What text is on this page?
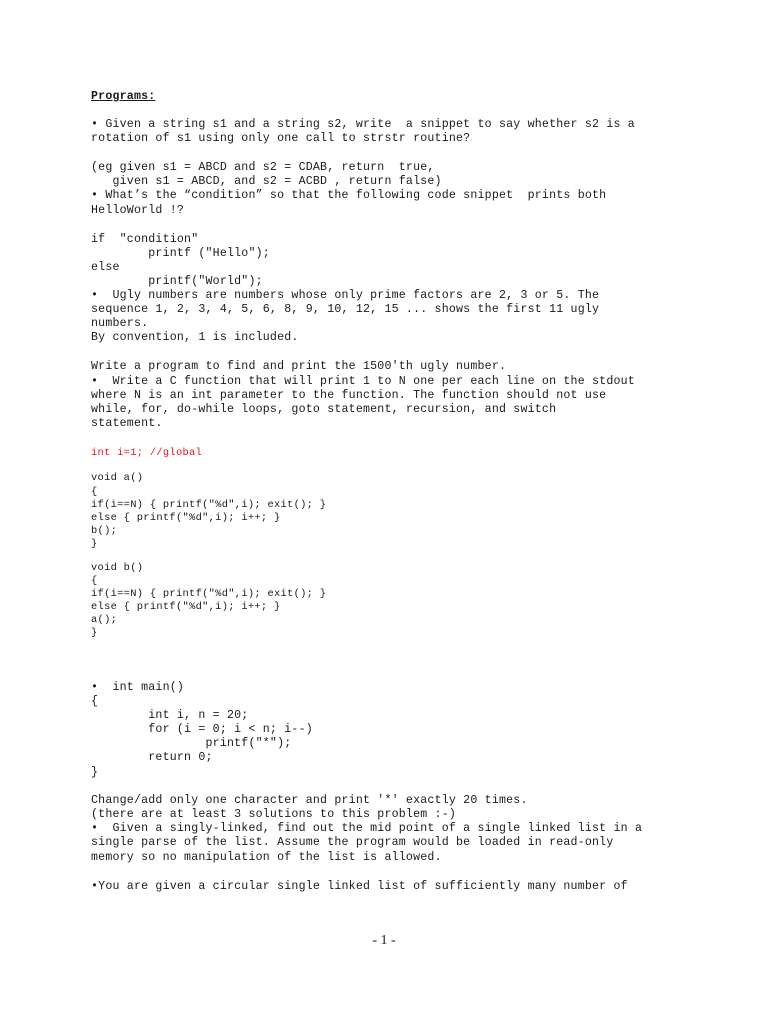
Programs:
• Given a string s1 and a string s2, write  a snippet to say whether s2 is a
rotation of s1 using only one call to strstr routine?
(eg given s1 = ABCD and s2 = CDAB, return  true,
given s1 = ABCD, and s2 = ACBD , return false)
• What’s the “condition” so that the following code snippet  prints both
HelloWorld !?
if  "condition"
printf ("Hello");
else
printf("World");
•  Ugly numbers are numbers whose only prime factors are 2, 3 or 5. The
sequence 1, 2, 3, 4, 5, 6, 8, 9, 10, 12, 15 ... shows the first 11 ugly
numbers.
By convention, 1 is included.
Write a program to find and print the 1500'th ugly number.
•  Write a C function that will print 1 to N one per each line on the stdout
where N is an int parameter to the function. The function should not use
while, for, do-while loops, goto statement, recursion, and switch
statement.
int i=1; //global
void a()
{
if(i==N) { printf("%d",i); exit(); }
else { printf("%d",i); i++; }
b();
}
void b()
{
if(i==N) { printf("%d",i); exit(); }
else { printf("%d",i); i++; }
a();
}
•  int main()
{
int i, n = 20;
for (i = 0; i < n; i--)
printf("*");
return 0;
}
Change/add only one character and print '*' exactly 20 times.
(there are at least 3 solutions to this problem :-)
•  Given a singly-linked, find out the mid point of a single linked list in a
single parse of the list. Assume the program would be loaded in read-only
memory so no manipulation of the list is allowed.
•You are given a circular single linked list of sufficiently many number of
- 1 -
